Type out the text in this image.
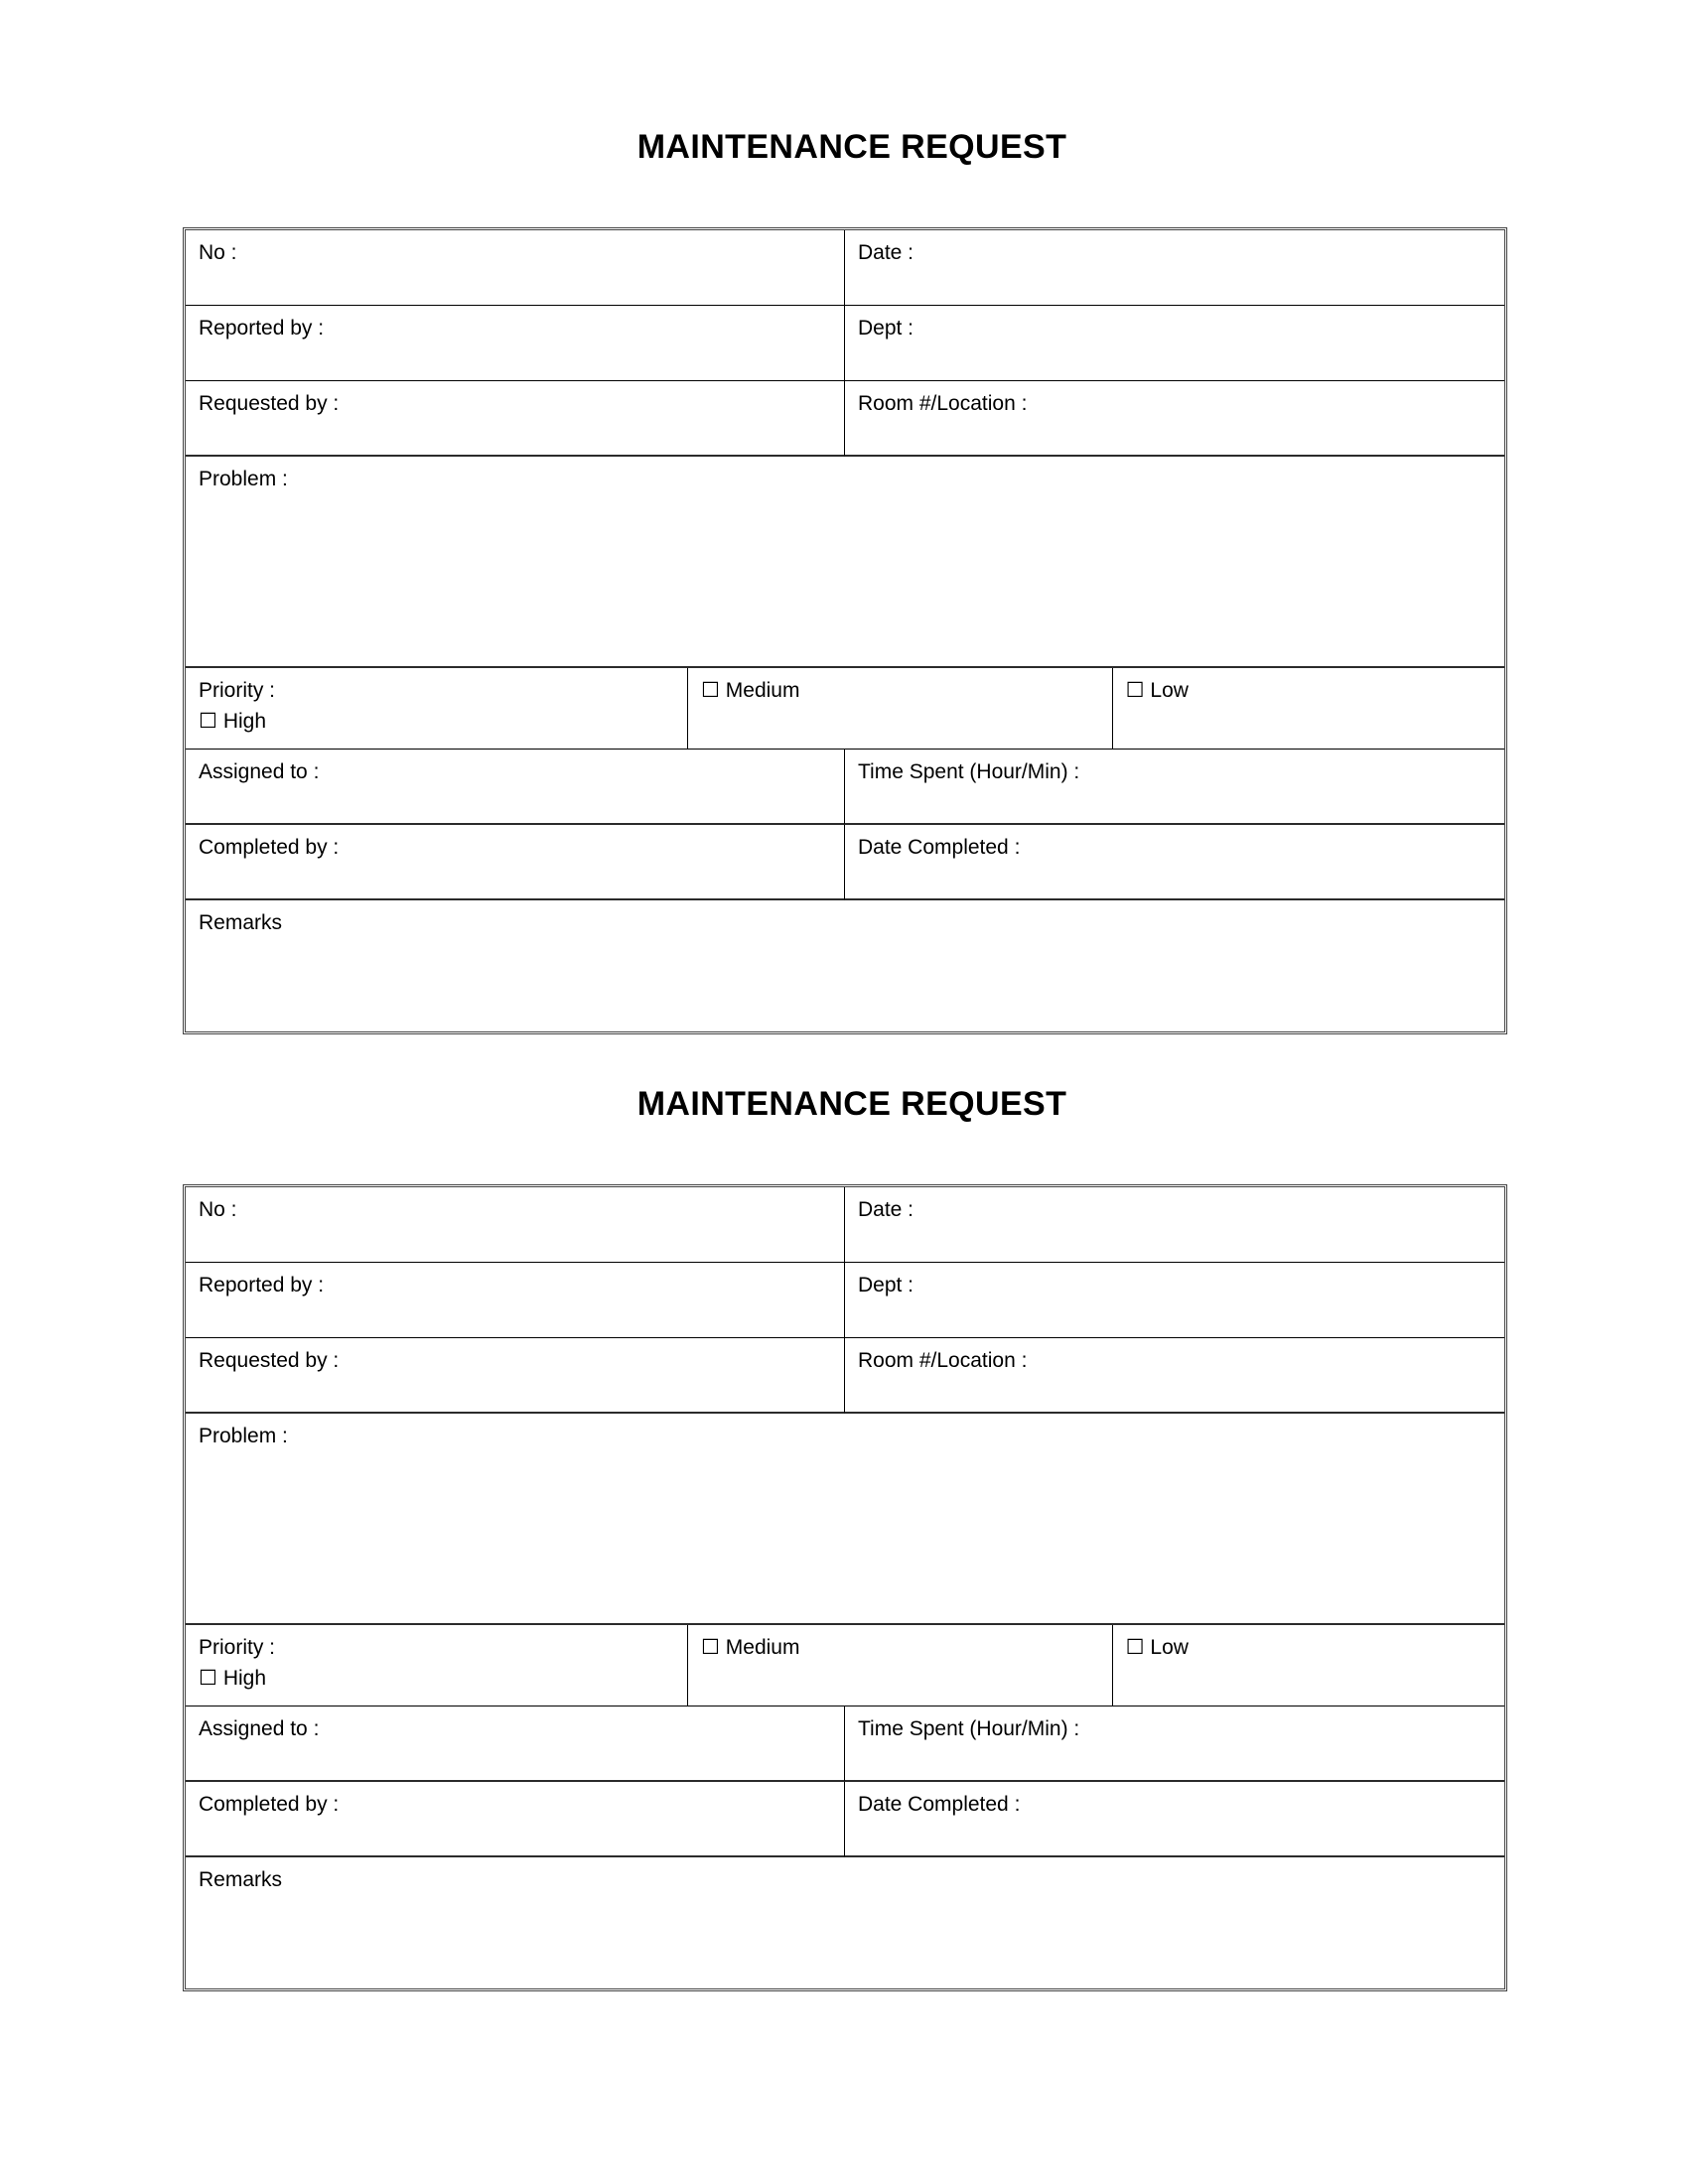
MAINTENANCE REQUEST
No :		Date :	

Reported by :		Dept :	

Requested by :		Room #/Location :	

Problem :			

Priority :
☐ High	☐ Medium		☐ Low

Assigned to :		Time Spent (Hour/Min) :	

Completed by :		Date Completed :	

Remarks			
MAINTENANCE REQUEST
No :		Date :	

Reported by :		Dept :	

Requested by :		Room #/Location :	

Problem :			

Priority :
☐ High	☐ Medium		☐ Low

Assigned to :		Time Spent (Hour/Min) :	

Completed by :		Date Completed :	

Remarks			
